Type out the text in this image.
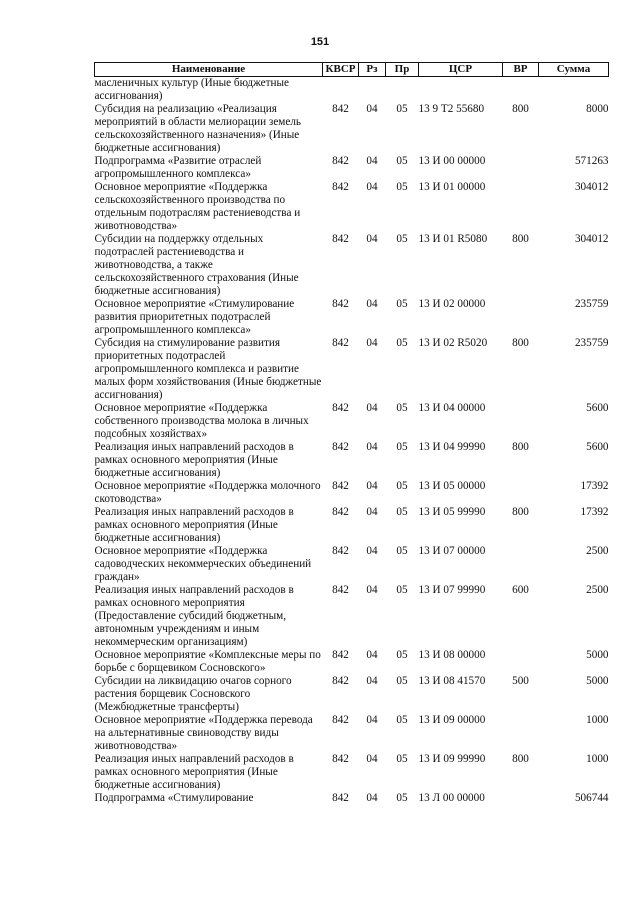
151
Наименование	КВСР	Рз	Пр	ЦСР	ВР	Сумма
масленичных культур (Иные бюджетные ассигнования)						
Субсидия на реализацию «Реализация мероприятий в области мелиорации земель сельскохозяйственного назначения» (Иные бюджетные ассигнования)	842	04	05	13 9 Т2 55680	800	8000
Подпрограмма «Развитие отраслей агропромышленного комплекса»	842	04	05	13 И 00 00000		571263
Основное мероприятие «Поддержка сельскохозяйственного производства по отдельным подотраслям растениеводства и животноводства»	842	04	05	13 И 01 00000		304012
Субсидии на поддержку отдельных подотраслей растениеводства и животноводства, а также сельскохозяйственного страхования (Иные бюджетные ассигнования)	842	04	05	13 И 01 R5080	800	304012
Основное мероприятие «Стимулирование развития приоритетных подотраслей агропромышленного комплекса»	842	04	05	13 И 02 00000		235759
Субсидия на стимулирование развития приоритетных подотраслей агропромышленного комплекса и развитие малых форм хозяйствования (Иные бюджетные ассигнования)	842	04	05	13 И 02 R5020	800	235759
Основное мероприятие «Поддержка собственного производства молока в личных подсобных хозяйствах»	842	04	05	13 И 04 00000		5600
Реализация иных направлений расходов в рамках основного мероприятия (Иные бюджетные ассигнования)	842	04	05	13 И 04 99990	800	5600
Основное мероприятие «Поддержка молочного скотоводства»	842	04	05	13 И 05 00000		17392
Реализация иных направлений расходов в рамках основного мероприятия (Иные бюджетные ассигнования)	842	04	05	13 И 05 99990	800	17392
Основное мероприятие «Поддержка садоводческих некоммерческих объединений граждан»	842	04	05	13 И 07 00000		2500
Реализация иных направлений расходов в рамках основного мероприятия (Предоставление субсидий бюджетным, автономным учреждениям и иным некоммерческим организациям)	842	04	05	13 И 07 99990	600	2500
Основное мероприятие «Комплексные меры по борьбе с борщевиком Сосновского»	842	04	05	13 И 08 00000		5000
Субсидии на ликвидацию очагов сорного растения борщевик Сосновского (Межбюджетные трансферты)	842	04	05	13 И 08 41570	500	5000
Основное мероприятие «Поддержка перевода на альтернативные свиноводству виды животноводства»	842	04	05	13 И 09 00000		1000
Реализация иных направлений расходов в рамках основного мероприятия (Иные бюджетные ассигнования)	842	04	05	13 И 09 99990	800	1000
Подпрограмма «Стимулирование	842	04	05	13 Л 00 00000		506744
